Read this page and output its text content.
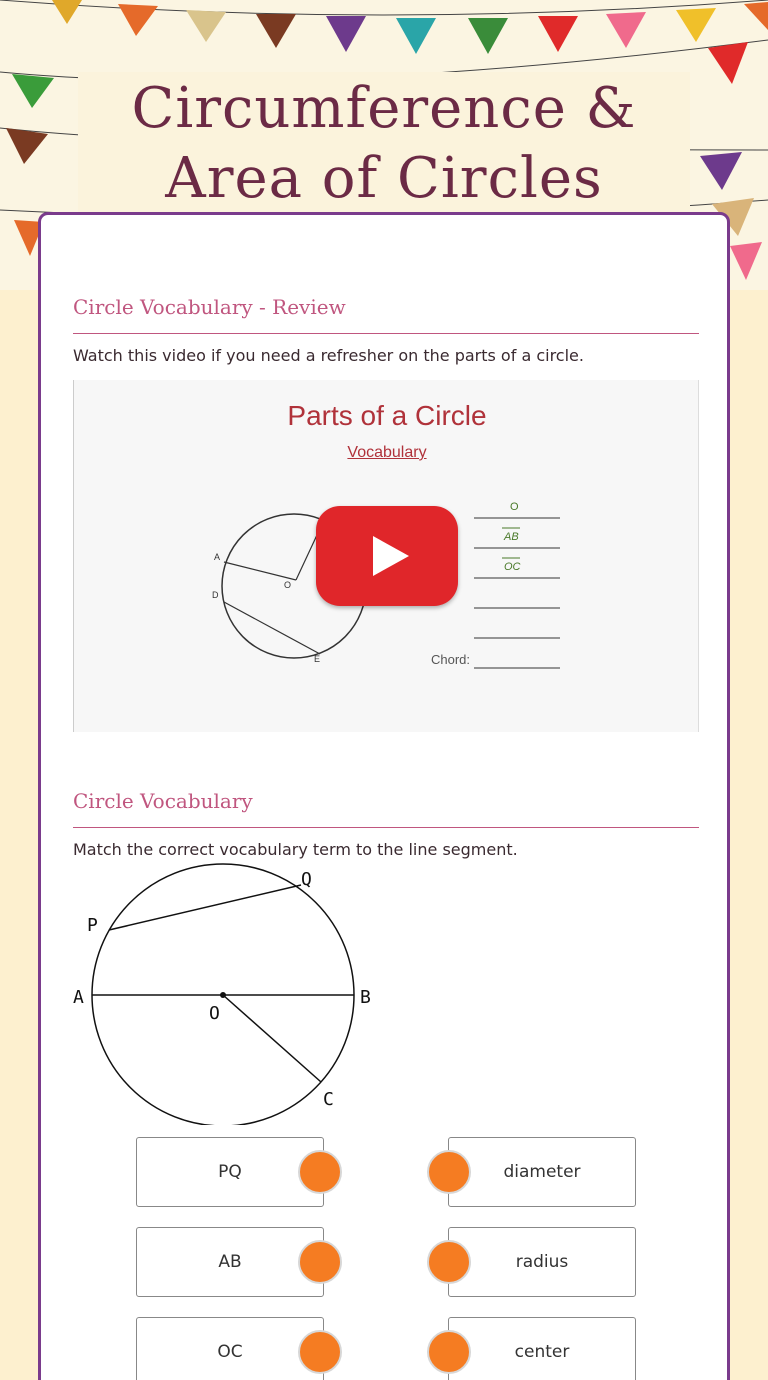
Circumference & Area of Circles
Circle Vocabulary - Review
Watch this video if you need a refresher on the parts of a circle.
Parts of a Circle
Vocabulary
A
D
O
E	Chord:
O
AB
OC
Circle Vocabulary
Match the correct vocabulary term to the line segment.
P
Q
A	B
O
C
PQ
AB
OC
diameter
radius
center
